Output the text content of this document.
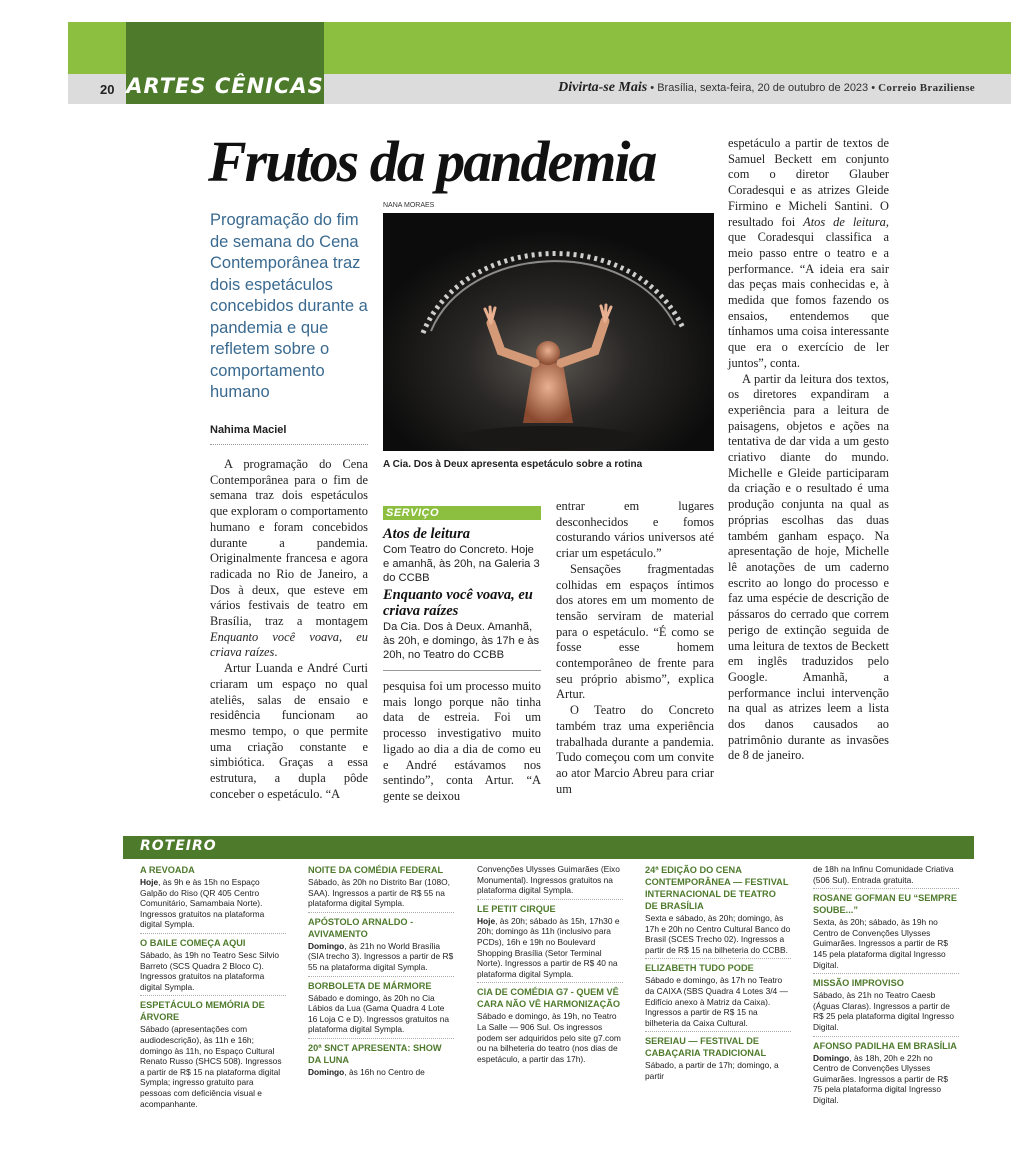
20 ARTES CÊNICAS	Divirta-se Mais • Brasília, sexta-feira, 20 de outubro de 2023 • Correio Braziliense
Frutos da pandemia
Programação do fim de semana do Cena Contemporânea traz dois espetáculos concebidos durante a pandemia e que refletem sobre o comportamento humano
Nahima Maciel
NANA MORAES
A Cia. Dos à Deux apresenta espetáculo sobre a rotina

A programação do Cena Contemporânea para o fim de semana traz dois espetáculos que exploram o comportamento humano e foram concebidos durante a pandemia. Originalmente francesa e agora radicada no Rio de Janeiro, a Dos à deux, que esteve em vários festivais de teatro em Brasília, traz a montagem Enquanto você voava, eu criava raízes.

Artur Luanda e André Curti criaram um espaço no qual ateliês, salas de ensaio e residência funcionam ao mesmo tempo, o que permite uma criação constante e simbiótica. Graças a essa estrutura, a dupla pôde conceber o espetáculo. “A

SERVIÇO
Atos de leitura

Com Teatro do Concreto. Hoje e amanhã, às 20h, na Galeria 3 do CCBB

Enquanto você voava, eu criava raízes

Da Cia. Dos à Deux. Amanhã, às 20h, e domingo, às 17h e às 20h, no Teatro do CCBB

pesquisa foi um processo muito mais longo porque não tinha data de estreia. Foi um processo investigativo muito ligado ao dia a dia de como eu e André estávamos nos sentindo”, conta Artur. “A gente se deixou

entrar em lugares desconhecidos e fomos costurando vários universos até criar um espetáculo.”

Sensações fragmentadas colhidas em espaços íntimos dos atores em um momento de tensão serviram de material para o espetáculo. “É como se fosse esse homem contemporâneo de frente para seu próprio abismo”, explica Artur.

O Teatro do Concreto também traz uma experiência trabalhada durante a pandemia. Tudo começou com um convite ao ator Marcio Abreu para criar um

espetáculo a partir de textos de Samuel Beckett em conjunto com o diretor Glauber Coradesqui e as atrizes Gleide Firmino e Micheli Santini. O resultado foi Atos de leitura, que Coradesqui classifica a meio passo entre o teatro e a performance. “A ideia era sair das peças mais conhecidas e, à medida que fomos fazendo os ensaios, entendemos que tínhamos uma coisa interessante que era o exercício de ler juntos”, conta.

A partir da leitura dos textos, os diretores expandiram a experiência para a leitura de paisagens, objetos e ações na tentativa de dar vida a um gesto criativo diante do mundo. Michelle e Gleide participaram da criação e o resultado é uma produção conjunta na qual as próprias escolhas das duas também ganham espaço. Na apresentação de hoje, Michelle lê anotações de um caderno escrito ao longo do processo e faz uma espécie de descrição de pássaros do cerrado que correm perigo de extinção seguida de uma leitura de textos de Beckett em inglês traduzidos pelo Google. Amanhã, a performance inclui intervenção na qual as atrizes leem a lista dos danos causados ao patrimônio durante as invasões de 8 de janeiro.

ROTEIRO
A REVOADA

Hoje, às 9h e às 15h no Espaço Galpão do Riso (QR 405 Centro Comunitário, Samambaia Norte). Ingressos gratuitos na plataforma digital Sympla.

O BAILE COMEÇA AQUI

Sábado, às 19h no Teatro Sesc Silvio Barreto (SCS Quadra 2 Bloco C). Ingressos gratuitos na plataforma digital Sympla.

ESPETÁCULO MEMÓRIA DE ÁRVORE

Sábado (apresentações com audiodescrição), às 11h e 16h; domingo às 11h, no Espaço Cultural Renato Russo (SHCS 508). Ingressos a partir de R$ 15 na plataforma digital Sympla; ingresso gratuito para pessoas com deficiência visual e acompanhante.

NOITE DA COMÉDIA FEDERAL

Sábado, às 20h no Distrito Bar (108O, SAA). Ingressos a partir de R$ 55 na plataforma digital Sympla.

APÓSTOLO ARNALDO - AVIVAMENTO

Domingo, às 21h no World Brasília (SIA trecho 3). Ingressos a partir de R$ 55 na plataforma digital Sympla.

BORBOLETA DE MÁRMORE

Sábado e domingo, às 20h no Cia Lábios da Lua (Gama Quadra 4 Lote 16 Loja C e D). Ingressos gratuitos na plataforma digital Sympla.

20ª SNCT APRESENTA: SHOW DA LUNA

Domingo, às 16h no Centro de

Convenções Ulysses Guimarães (Eixo Monumental). Ingressos gratuitos na plataforma digital Sympla.

LE PETIT CIRQUE

Hoje, às 20h; sábado às 15h, 17h30 e 20h; domingo às 11h (inclusivo para PCDs), 16h e 19h no Boulevard Shopping Brasília (Setor Terminal Norte). Ingressos a partir de R$ 40 na plataforma digital Sympla.

CIA DE COMÉDIA G7 - QUEM VÊ CARA NÃO VÊ HARMONIZAÇÃO

Sábado e domingo, às 19h, no Teatro La Salle — 906 Sul. Os ingressos podem ser adquiridos pelo site g7.com ou na bilheteria do teatro (nos dias de espetáculo, a partir das 17h).

24ª EDIÇÃO DO CENA CONTEMPORÂNEA — FESTIVAL INTERNACIONAL DE TEATRO DE BRASÍLIA

Sexta e sábado, às 20h; domingo, às 17h e 20h no Centro Cultural Banco do Brasil (SCES Trecho 02). Ingressos a partir de R$ 15 na bilheteria do CCBB.

ELIZABETH TUDO PODE

Sábado e domingo, às 17h no Teatro da CAIXA (SBS Quadra 4 Lotes 3/4 — Edifício anexo à Matriz da Caixa). Ingressos a partir de R$ 15 na bilheteria da Caixa Cultural.

SEREIAU — FESTIVAL DE CABAÇARIA TRADICIONAL

Sábado, a partir de 17h; domingo, a partir

de 18h na Infinu Comunidade Criativa (506 Sul). Entrada gratuita.

ROSANE GOFMAN EU “SEMPRE SOUBE...”

Sexta, às 20h; sábado, às 19h no Centro de Convenções Ulysses Guimarães. Ingressos a partir de R$ 145 pela plataforma digital Ingresso Digital.

MISSÃO IMPROVISO

Sábado, às 21h no Teatro Caesb (Águas Claras). Ingressos a partir de R$ 25 pela plataforma digital Ingresso Digital.

AFONSO PADILHA EM BRASÍLIA

Domingo, às 18h, 20h e 22h no Centro de Convenções Ulysses Guimarães. Ingressos a partir de R$ 75 pela plataforma digital Ingresso Digital.
